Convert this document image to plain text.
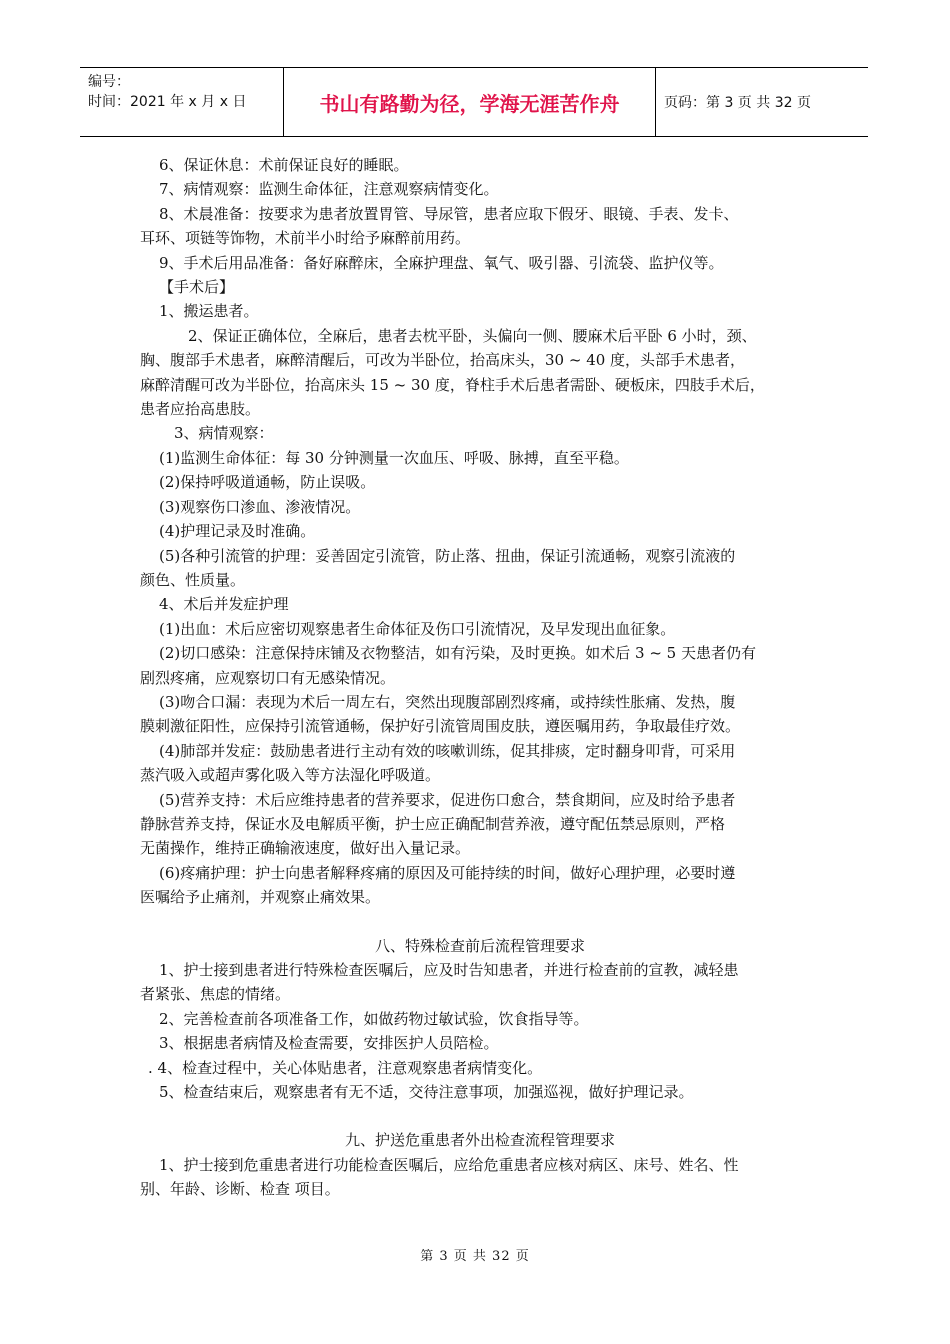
编号：
时间：2021 年 x 月 x 日	书山有路勤为径，学海无涯苦作舟	页码：第 3 页 共 32 页
6、保证休息：术前保证良好的睡眠。
7、病情观察：监测生命体征，注意观察病情变化。
8、术晨准备：按要求为患者放置胃管、导尿管，患者应取下假牙、眼镜、手表、发卡、
耳环、项链等饰物，术前半小时给予麻醉前用药。
9、手术后用品准备：备好麻醉床，全麻护理盘、氧气、吸引器、引流袋、监护仪等。
【手术后】
1、搬运患者。
2、保证正确体位，全麻后，患者去枕平卧，头偏向一侧、腰麻术后平卧 6 小时，颈、
胸、腹部手术患者，麻醉清醒后，可改为半卧位，抬高床头，30 ~ 40 度，头部手术患者，
麻醉清醒可改为半卧位，抬高床头 15 ~ 30 度，脊柱手术后患者需卧、硬板床，四肢手术后，
患者应抬高患肢。
3、病情观察：
(1)监测生命体征：每 30 分钟测量一次血压、呼吸、脉搏，直至平稳。
(2)保持呼吸道通畅，防止误吸。
(3)观察伤口渗血、渗液情况。
(4)护理记录及时准确。
(5)各种引流管的护理：妥善固定引流管，防止落、扭曲，保证引流通畅，观察引流液的
颜色、性质量。
4、术后并发症护理
(1)出血：术后应密切观察患者生命体征及伤口引流情况，及早发现出血征象。
(2)切口感染：注意保持床铺及衣物整洁，如有污染，及时更换。如术后 3 ~ 5 天患者仍有
剧烈疼痛，应观察切口有无感染情况。
(3)吻合口漏：表现为术后一周左右，突然出现腹部剧烈疼痛，或持续性胀痛、发热，腹
膜刺激征阳性，应保持引流管通畅，保护好引流管周围皮肤，遵医嘱用药，争取最佳疗效。
(4)肺部并发症：鼓励患者进行主动有效的咳嗽训练，促其排痰，定时翻身叩背，可采用
蒸汽吸入或超声雾化吸入等方法湿化呼吸道。
(5)营养支持：术后应维持患者的营养要求，促进伤口愈合，禁食期间，应及时给予患者
静脉营养支持，保证水及电解质平衡，护士应正确配制营养液，遵守配伍禁忌原则，严格
无菌操作，维持正确输液速度，做好出入量记录。
(6)疼痛护理：护士向患者解释疼痛的原因及可能持续的时间，做好心理护理，必要时遵
医嘱给予止痛剂，并观察止痛效果。
八、特殊检查前后流程管理要求
1、护士接到患者进行特殊检查医嘱后，应及时告知患者，并进行检查前的宣教，减轻患
者紧张、焦虑的情绪。
2、完善检查前各项准备工作，如做药物过敏试验，饮食指导等。
3、根据患者病情及检查需要，安排医护人员陪检。
. 4、检查过程中，关心体贴患者，注意观察患者病情变化。
5、检查结束后，观察患者有无不适，交待注意事项，加强巡视，做好护理记录。
九、护送危重患者外出检查流程管理要求
1、护士接到危重患者进行功能检查医嘱后，应给危重患者应核对病区、床号、姓名、性
别、年龄、诊断、检查 项目。
第 3 页 共 32 页
